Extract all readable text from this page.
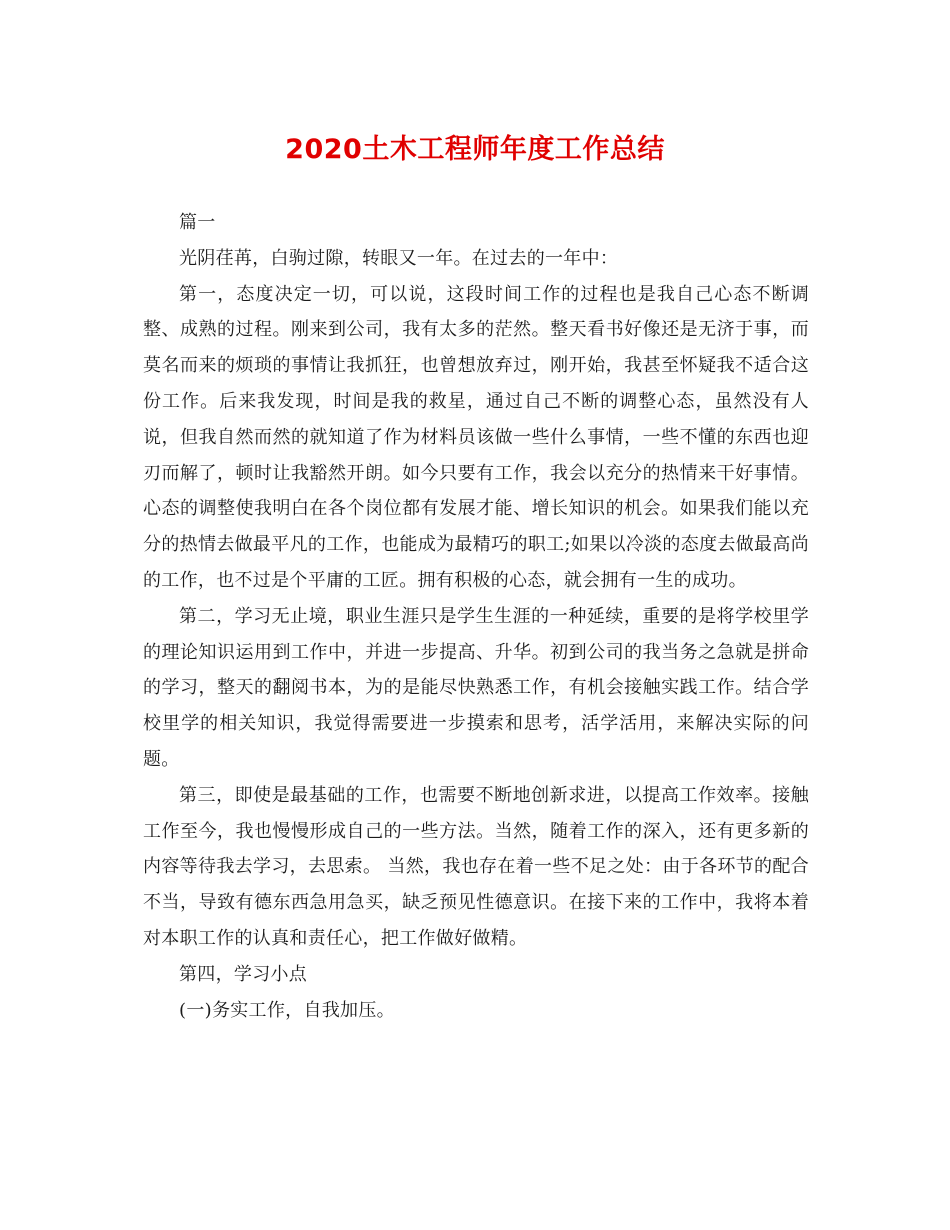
2020土木工程师年度工作总结

篇一

光阴荏苒，白驹过隙，转眼又一年。在过去的一年中：

第一，态度决定一切，可以说，这段时间工作的过程也是我自己心态不断调整、成熟的过程。刚来到公司，我有太多的茫然。整天看书好像还是无济于事，而莫名而来的烦琐的事情让我抓狂，也曾想放弃过，刚开始，我甚至怀疑我不适合这份工作。后来我发现，时间是我的救星，通过自己不断的调整心态，虽然没有人说，但我自然而然的就知道了作为材料员该做一些什么事情，一些不懂的东西也迎刃而解了，顿时让我豁然开朗。如今只要有工作，我会以充分的热情来干好事情。心态的调整使我明白在各个岗位都有发展才能、增长知识的机会。如果我们能以充分的热情去做最平凡的工作，也能成为最精巧的职工;如果以冷淡的态度去做最高尚的工作，也不过是个平庸的工匠。拥有积极的心态，就会拥有一生的成功。

第二，学习无止境，职业生涯只是学生生涯的一种延续，重要的是将学校里学的理论知识运用到工作中，并进一步提高、升华。初到公司的我当务之急就是拼命的学习，整天的翻阅书本，为的是能尽快熟悉工作，有机会接触实践工作。结合学校里学的相关知识，我觉得需要进一步摸索和思考，活学活用，来解决实际的问题。

第三，即使是最基础的工作，也需要不断地创新求进，以提高工作效率。接触工作至今，我也慢慢形成自己的一些方法。当然，随着工作的深入，还有更多新的内容等待我去学习，去思索。 当然，我也存在着一些不足之处：由于各环节的配合不当，导致有德东西急用急买，缺乏预见性德意识。在接下来的工作中，我将本着对本职工作的认真和责任心，把工作做好做精。

第四，学习小点

(一)务实工作，自我加压。
